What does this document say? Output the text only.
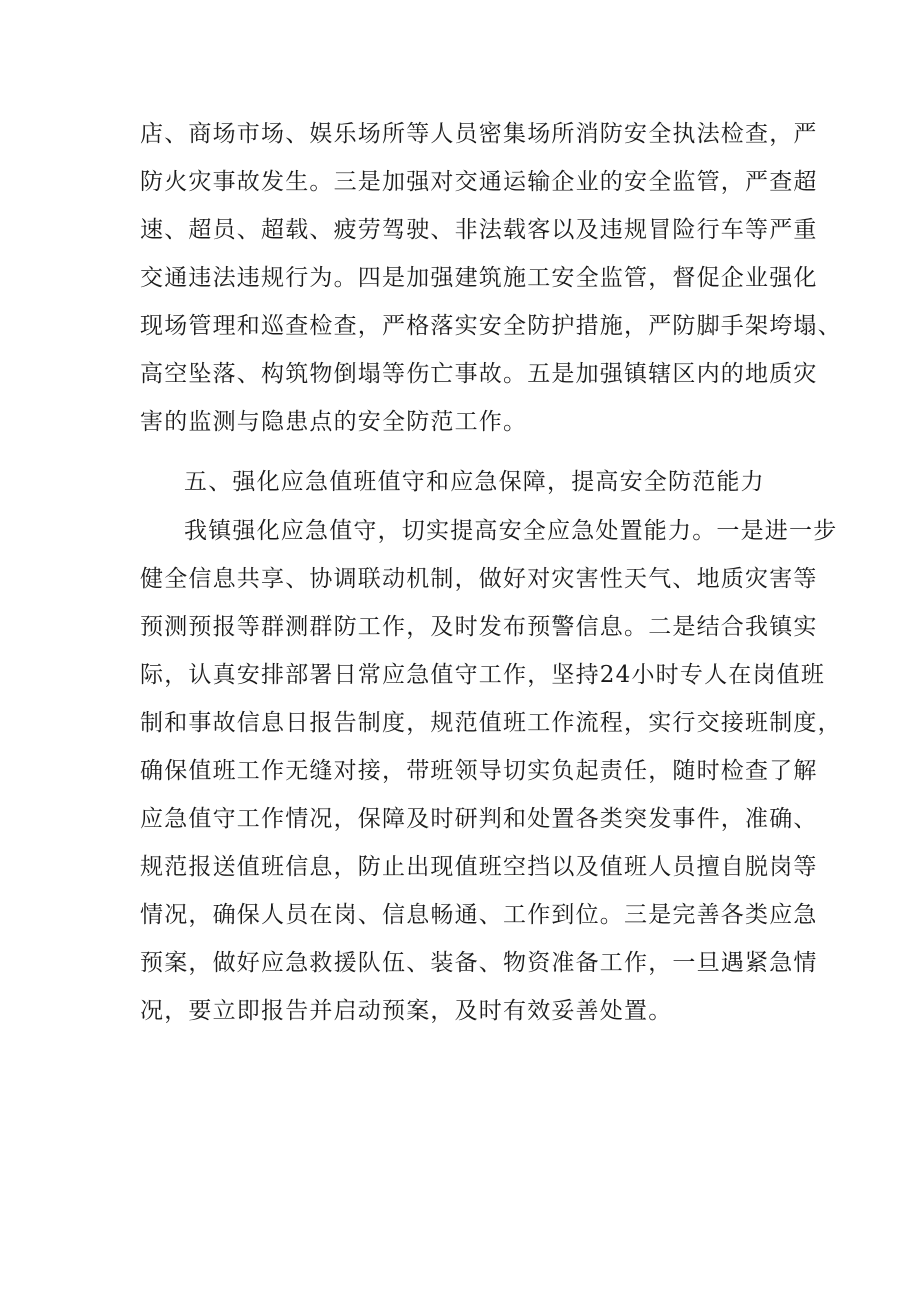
店、商场市场、娱乐场所等人员密集场所消防安全执法检查，严
防火灾事故发生。三是加强对交通运输企业的安全监管，严查超
速、超员、超载、疲劳驾驶、非法载客以及违规冒险行车等严重
交通违法违规行为。四是加强建筑施工安全监管，督促企业强化
现场管理和巡查检查，严格落实安全防护措施，严防脚手架垮塌、
高空坠落、构筑物倒塌等伤亡事故。五是加强镇辖区内的地质灾
害的监测与隐患点的安全防范工作。
五、强化应急值班值守和应急保障，提高安全防范能力
我镇强化应急值守，切实提高安全应急处置能力。一是进一步
健全信息共享、协调联动机制，做好对灾害性天气、地质灾害等
预测预报等群测群防工作，及时发布预警信息。二是结合我镇实
际，认真安排部署日常应急值守工作，坚持24小时专人在岗值班
制和事故信息日报告制度，规范值班工作流程，实行交接班制度，
确保值班工作无缝对接，带班领导切实负起责任，随时检查了解
应急值守工作情况，保障及时研判和处置各类突发事件，准确、
规范报送值班信息，防止出现值班空挡以及值班人员擅自脱岗等
情况，确保人员在岗、信息畅通、工作到位。三是完善各类应急
预案，做好应急救援队伍、装备、物资准备工作，一旦遇紧急情
况，要立即报告并启动预案，及时有效妥善处置。
